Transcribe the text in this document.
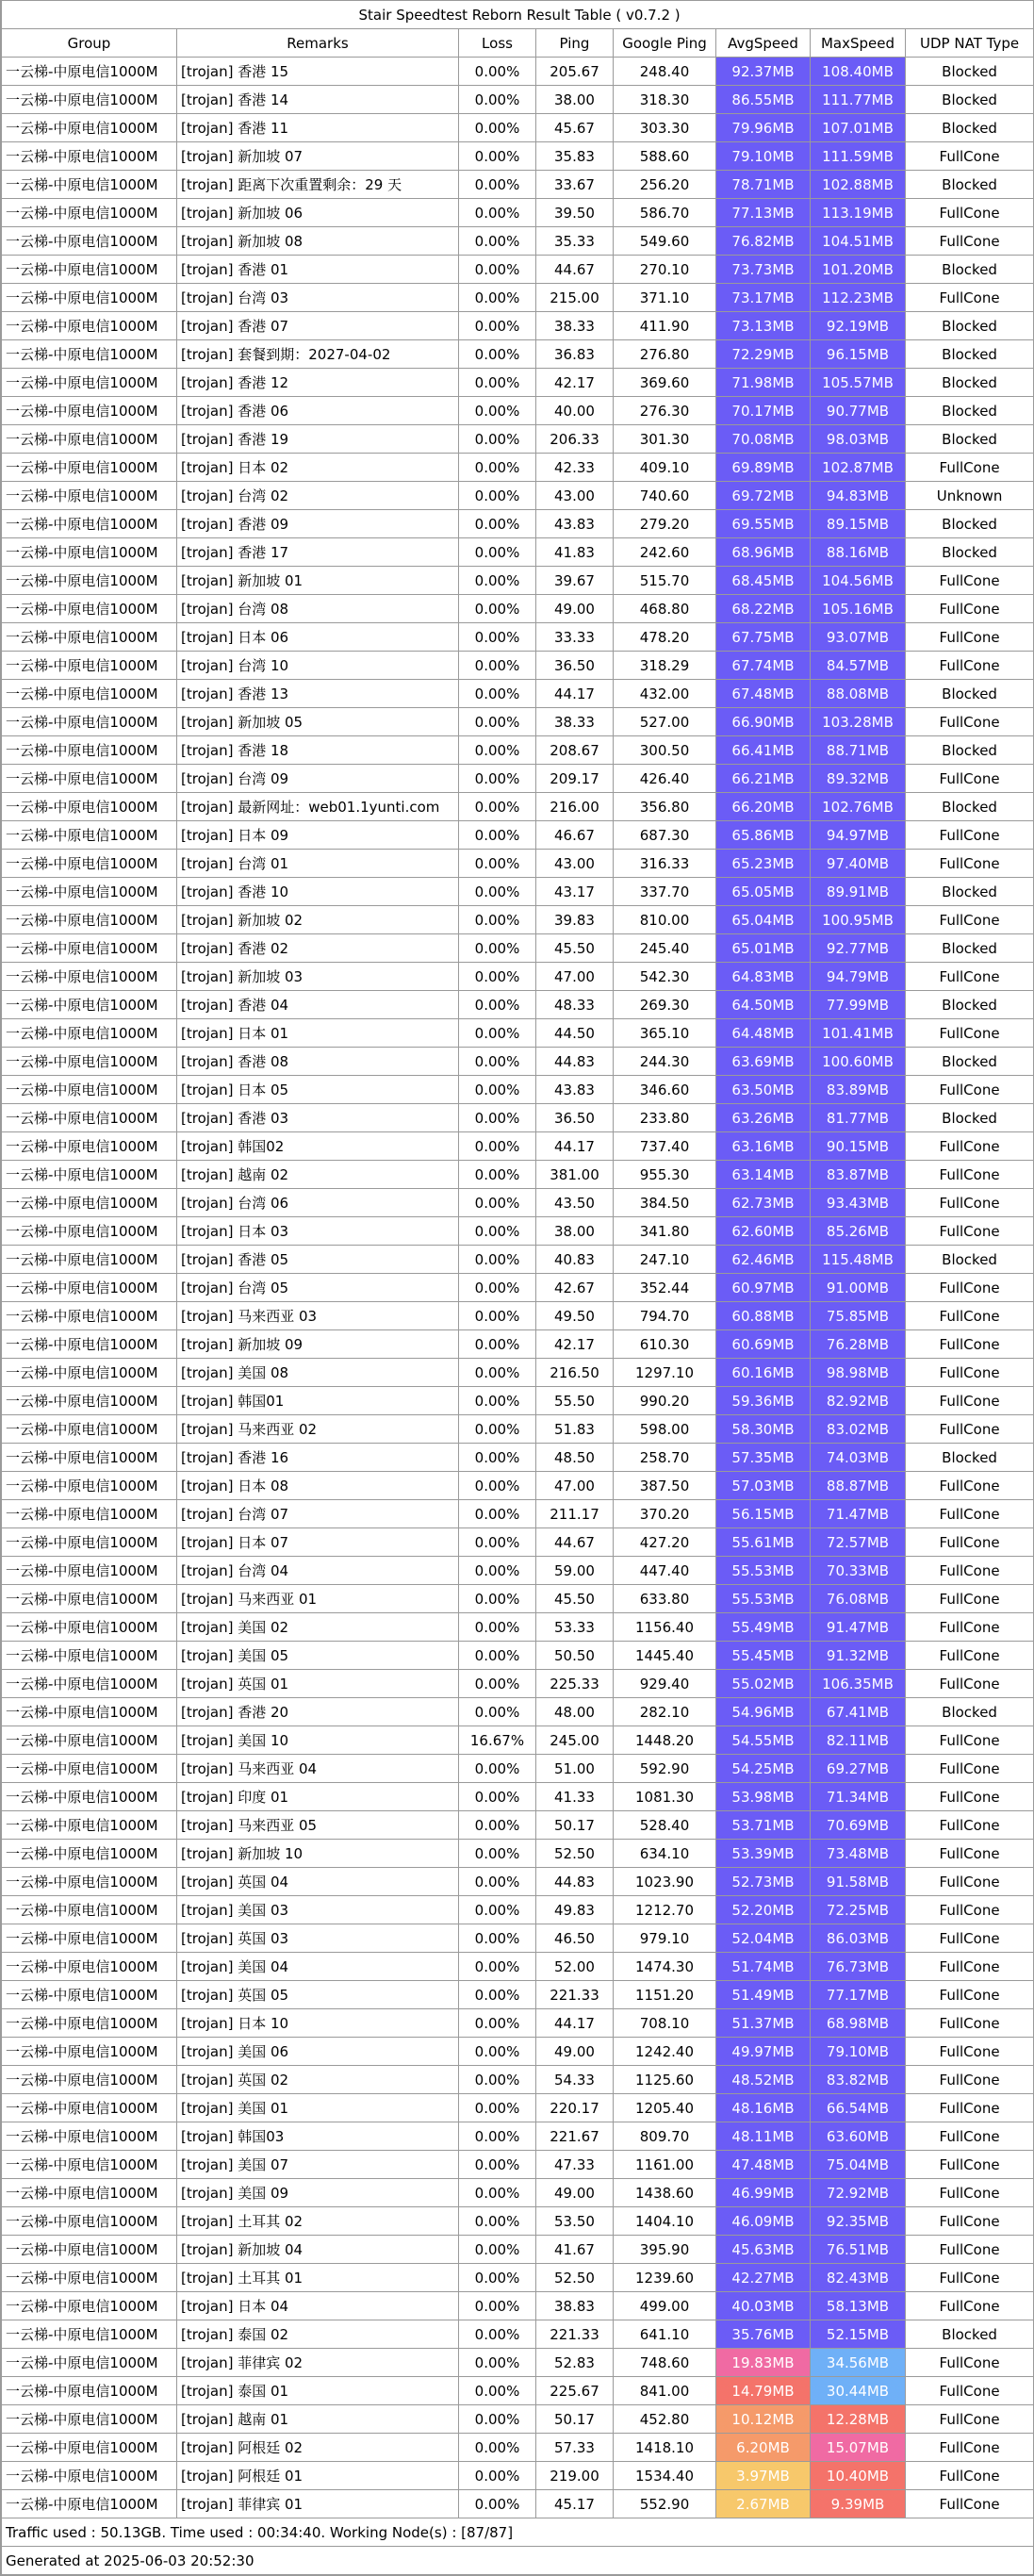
Stair Speedtest Reborn Result Table ( v0.7.2 )							
Group	Remarks	Loss	Ping	Google Ping	AvgSpeed	MaxSpeed	UDP NAT Type
一云梯-中原电信1000M	[trojan] 香港 15	0.00%	205.67	248.40	92.37MB	108.40MB	Blocked
一云梯-中原电信1000M	[trojan] 香港 14	0.00%	38.00	318.30	86.55MB	111.77MB	Blocked
一云梯-中原电信1000M	[trojan] 香港 11	0.00%	45.67	303.30	79.96MB	107.01MB	Blocked
一云梯-中原电信1000M	[trojan] 新加坡 07	0.00%	35.83	588.60	79.10MB	111.59MB	FullCone
一云梯-中原电信1000M	[trojan] 距离下次重置剩余：29 天	0.00%	33.67	256.20	78.71MB	102.88MB	Blocked
一云梯-中原电信1000M	[trojan] 新加坡 06	0.00%	39.50	586.70	77.13MB	113.19MB	FullCone
一云梯-中原电信1000M	[trojan] 新加坡 08	0.00%	35.33	549.60	76.82MB	104.51MB	FullCone
一云梯-中原电信1000M	[trojan] 香港 01	0.00%	44.67	270.10	73.73MB	101.20MB	Blocked
一云梯-中原电信1000M	[trojan] 台湾 03	0.00%	215.00	371.10	73.17MB	112.23MB	FullCone
一云梯-中原电信1000M	[trojan] 香港 07	0.00%	38.33	411.90	73.13MB	92.19MB	Blocked
一云梯-中原电信1000M	[trojan] 套餐到期：2027-04-02	0.00%	36.83	276.80	72.29MB	96.15MB	Blocked
一云梯-中原电信1000M	[trojan] 香港 12	0.00%	42.17	369.60	71.98MB	105.57MB	Blocked
一云梯-中原电信1000M	[trojan] 香港 06	0.00%	40.00	276.30	70.17MB	90.77MB	Blocked
一云梯-中原电信1000M	[trojan] 香港 19	0.00%	206.33	301.30	70.08MB	98.03MB	Blocked
一云梯-中原电信1000M	[trojan] 日本 02	0.00%	42.33	409.10	69.89MB	102.87MB	FullCone
一云梯-中原电信1000M	[trojan] 台湾 02	0.00%	43.00	740.60	69.72MB	94.83MB	Unknown
一云梯-中原电信1000M	[trojan] 香港 09	0.00%	43.83	279.20	69.55MB	89.15MB	Blocked
一云梯-中原电信1000M	[trojan] 香港 17	0.00%	41.83	242.60	68.96MB	88.16MB	Blocked
一云梯-中原电信1000M	[trojan] 新加坡 01	0.00%	39.67	515.70	68.45MB	104.56MB	FullCone
一云梯-中原电信1000M	[trojan] 台湾 08	0.00%	49.00	468.80	68.22MB	105.16MB	FullCone
一云梯-中原电信1000M	[trojan] 日本 06	0.00%	33.33	478.20	67.75MB	93.07MB	FullCone
一云梯-中原电信1000M	[trojan] 台湾 10	0.00%	36.50	318.29	67.74MB	84.57MB	FullCone
一云梯-中原电信1000M	[trojan] 香港 13	0.00%	44.17	432.00	67.48MB	88.08MB	Blocked
一云梯-中原电信1000M	[trojan] 新加坡 05	0.00%	38.33	527.00	66.90MB	103.28MB	FullCone
一云梯-中原电信1000M	[trojan] 香港 18	0.00%	208.67	300.50	66.41MB	88.71MB	Blocked
一云梯-中原电信1000M	[trojan] 台湾 09	0.00%	209.17	426.40	66.21MB	89.32MB	FullCone
一云梯-中原电信1000M	[trojan] 最新网址：web01.1yunti.com	0.00%	216.00	356.80	66.20MB	102.76MB	Blocked
一云梯-中原电信1000M	[trojan] 日本 09	0.00%	46.67	687.30	65.86MB	94.97MB	FullCone
一云梯-中原电信1000M	[trojan] 台湾 01	0.00%	43.00	316.33	65.23MB	97.40MB	FullCone
一云梯-中原电信1000M	[trojan] 香港 10	0.00%	43.17	337.70	65.05MB	89.91MB	Blocked
一云梯-中原电信1000M	[trojan] 新加坡 02	0.00%	39.83	810.00	65.04MB	100.95MB	FullCone
一云梯-中原电信1000M	[trojan] 香港 02	0.00%	45.50	245.40	65.01MB	92.77MB	Blocked
一云梯-中原电信1000M	[trojan] 新加坡 03	0.00%	47.00	542.30	64.83MB	94.79MB	FullCone
一云梯-中原电信1000M	[trojan] 香港 04	0.00%	48.33	269.30	64.50MB	77.99MB	Blocked
一云梯-中原电信1000M	[trojan] 日本 01	0.00%	44.50	365.10	64.48MB	101.41MB	FullCone
一云梯-中原电信1000M	[trojan] 香港 08	0.00%	44.83	244.30	63.69MB	100.60MB	Blocked
一云梯-中原电信1000M	[trojan] 日本 05	0.00%	43.83	346.60	63.50MB	83.89MB	FullCone
一云梯-中原电信1000M	[trojan] 香港 03	0.00%	36.50	233.80	63.26MB	81.77MB	Blocked
一云梯-中原电信1000M	[trojan] 韩国02	0.00%	44.17	737.40	63.16MB	90.15MB	FullCone
一云梯-中原电信1000M	[trojan] 越南 02	0.00%	381.00	955.30	63.14MB	83.87MB	FullCone
一云梯-中原电信1000M	[trojan] 台湾 06	0.00%	43.50	384.50	62.73MB	93.43MB	FullCone
一云梯-中原电信1000M	[trojan] 日本 03	0.00%	38.00	341.80	62.60MB	85.26MB	FullCone
一云梯-中原电信1000M	[trojan] 香港 05	0.00%	40.83	247.10	62.46MB	115.48MB	Blocked
一云梯-中原电信1000M	[trojan] 台湾 05	0.00%	42.67	352.44	60.97MB	91.00MB	FullCone
一云梯-中原电信1000M	[trojan] 马来西亚 03	0.00%	49.50	794.70	60.88MB	75.85MB	FullCone
一云梯-中原电信1000M	[trojan] 新加坡 09	0.00%	42.17	610.30	60.69MB	76.28MB	FullCone
一云梯-中原电信1000M	[trojan] 美国 08	0.00%	216.50	1297.10	60.16MB	98.98MB	FullCone
一云梯-中原电信1000M	[trojan] 韩国01	0.00%	55.50	990.20	59.36MB	82.92MB	FullCone
一云梯-中原电信1000M	[trojan] 马来西亚 02	0.00%	51.83	598.00	58.30MB	83.02MB	FullCone
一云梯-中原电信1000M	[trojan] 香港 16	0.00%	48.50	258.70	57.35MB	74.03MB	Blocked
一云梯-中原电信1000M	[trojan] 日本 08	0.00%	47.00	387.50	57.03MB	88.87MB	FullCone
一云梯-中原电信1000M	[trojan] 台湾 07	0.00%	211.17	370.20	56.15MB	71.47MB	FullCone
一云梯-中原电信1000M	[trojan] 日本 07	0.00%	44.67	427.20	55.61MB	72.57MB	FullCone
一云梯-中原电信1000M	[trojan] 台湾 04	0.00%	59.00	447.40	55.53MB	70.33MB	FullCone
一云梯-中原电信1000M	[trojan] 马来西亚 01	0.00%	45.50	633.80	55.53MB	76.08MB	FullCone
一云梯-中原电信1000M	[trojan] 美国 02	0.00%	53.33	1156.40	55.49MB	91.47MB	FullCone
一云梯-中原电信1000M	[trojan] 美国 05	0.00%	50.50	1445.40	55.45MB	91.32MB	FullCone
一云梯-中原电信1000M	[trojan] 英国 01	0.00%	225.33	929.40	55.02MB	106.35MB	FullCone
一云梯-中原电信1000M	[trojan] 香港 20	0.00%	48.00	282.10	54.96MB	67.41MB	Blocked
一云梯-中原电信1000M	[trojan] 美国 10	16.67%	245.00	1448.20	54.55MB	82.11MB	FullCone
一云梯-中原电信1000M	[trojan] 马来西亚 04	0.00%	51.00	592.90	54.25MB	69.27MB	FullCone
一云梯-中原电信1000M	[trojan] 印度 01	0.00%	41.33	1081.30	53.98MB	71.34MB	FullCone
一云梯-中原电信1000M	[trojan] 马来西亚 05	0.00%	50.17	528.40	53.71MB	70.69MB	FullCone
一云梯-中原电信1000M	[trojan] 新加坡 10	0.00%	52.50	634.10	53.39MB	73.48MB	FullCone
一云梯-中原电信1000M	[trojan] 英国 04	0.00%	44.83	1023.90	52.73MB	91.58MB	FullCone
一云梯-中原电信1000M	[trojan] 美国 03	0.00%	49.83	1212.70	52.20MB	72.25MB	FullCone
一云梯-中原电信1000M	[trojan] 英国 03	0.00%	46.50	979.10	52.04MB	86.03MB	FullCone
一云梯-中原电信1000M	[trojan] 美国 04	0.00%	52.00	1474.30	51.74MB	76.73MB	FullCone
一云梯-中原电信1000M	[trojan] 英国 05	0.00%	221.33	1151.20	51.49MB	77.17MB	FullCone
一云梯-中原电信1000M	[trojan] 日本 10	0.00%	44.17	708.10	51.37MB	68.98MB	FullCone
一云梯-中原电信1000M	[trojan] 美国 06	0.00%	49.00	1242.40	49.97MB	79.10MB	FullCone
一云梯-中原电信1000M	[trojan] 英国 02	0.00%	54.33	1125.60	48.52MB	83.82MB	FullCone
一云梯-中原电信1000M	[trojan] 美国 01	0.00%	220.17	1205.40	48.16MB	66.54MB	FullCone
一云梯-中原电信1000M	[trojan] 韩国03	0.00%	221.67	809.70	48.11MB	63.60MB	FullCone
一云梯-中原电信1000M	[trojan] 美国 07	0.00%	47.33	1161.00	47.48MB	75.04MB	FullCone
一云梯-中原电信1000M	[trojan] 美国 09	0.00%	49.00	1438.60	46.99MB	72.92MB	FullCone
一云梯-中原电信1000M	[trojan] 土耳其 02	0.00%	53.50	1404.10	46.09MB	92.35MB	FullCone
一云梯-中原电信1000M	[trojan] 新加坡 04	0.00%	41.67	395.90	45.63MB	76.51MB	FullCone
一云梯-中原电信1000M	[trojan] 土耳其 01	0.00%	52.50	1239.60	42.27MB	82.43MB	FullCone
一云梯-中原电信1000M	[trojan] 日本 04	0.00%	38.83	499.00	40.03MB	58.13MB	FullCone
一云梯-中原电信1000M	[trojan] 泰国 02	0.00%	221.33	641.10	35.76MB	52.15MB	Blocked
一云梯-中原电信1000M	[trojan] 菲律宾 02	0.00%	52.83	748.60	19.83MB	34.56MB	FullCone
一云梯-中原电信1000M	[trojan] 泰国 01	0.00%	225.67	841.00	14.79MB	30.44MB	FullCone
一云梯-中原电信1000M	[trojan] 越南 01	0.00%	50.17	452.80	10.12MB	12.28MB	FullCone
一云梯-中原电信1000M	[trojan] 阿根廷 02	0.00%	57.33	1418.10	6.20MB	15.07MB	FullCone
一云梯-中原电信1000M	[trojan] 阿根廷 01	0.00%	219.00	1534.40	3.97MB	10.40MB	FullCone
一云梯-中原电信1000M	[trojan] 菲律宾 01	0.00%	45.17	552.90	2.67MB	9.39MB	FullCone
Traffic used : 50.13GB. Time used : 00:34:40. Working Node(s) : [87/87]							
Generated at 2025-06-03 20:52:30							
